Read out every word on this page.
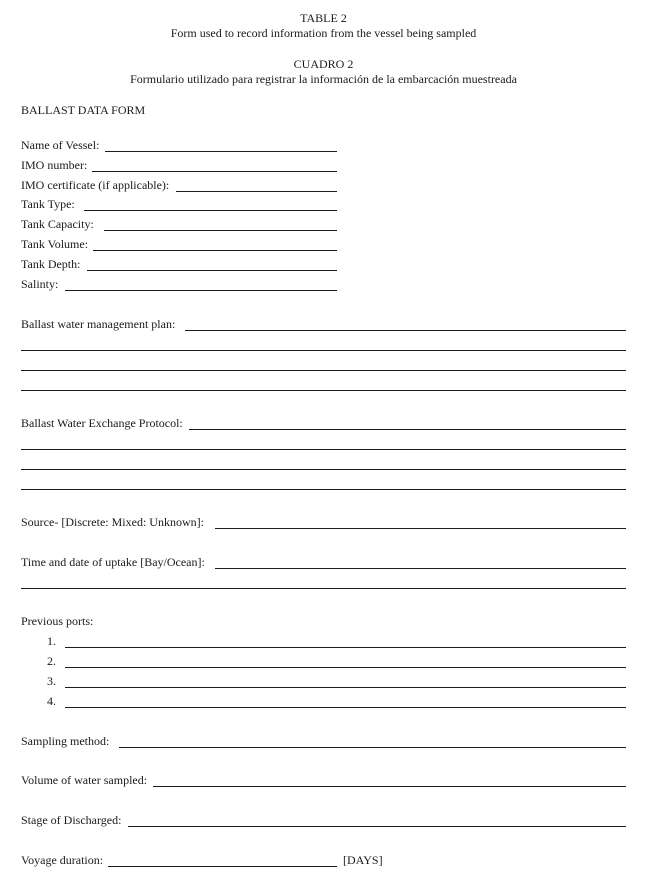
TABLE 2
Form used to record information from the vessel being sampled
CUADRO 2
Formulario utilizado para registrar la información de la embarcación muestreada
BALLAST DATA FORM
Name of Vessel:
IMO number:
IMO certificate (if applicable):
Tank Type:
Tank Capacity:
Tank Volume:
Tank Depth:
Salinty:
Ballast water management plan:
Ballast Water Exchange Protocol:
Source- [Discrete: Mixed: Unknown]:
Time and date of uptake [Bay/Ocean]:
Previous ports:
1.
2.
3.
4.
Sampling method:
Volume of water sampled:
Stage of Discharged:
Voyage duration:	[DAYS]
